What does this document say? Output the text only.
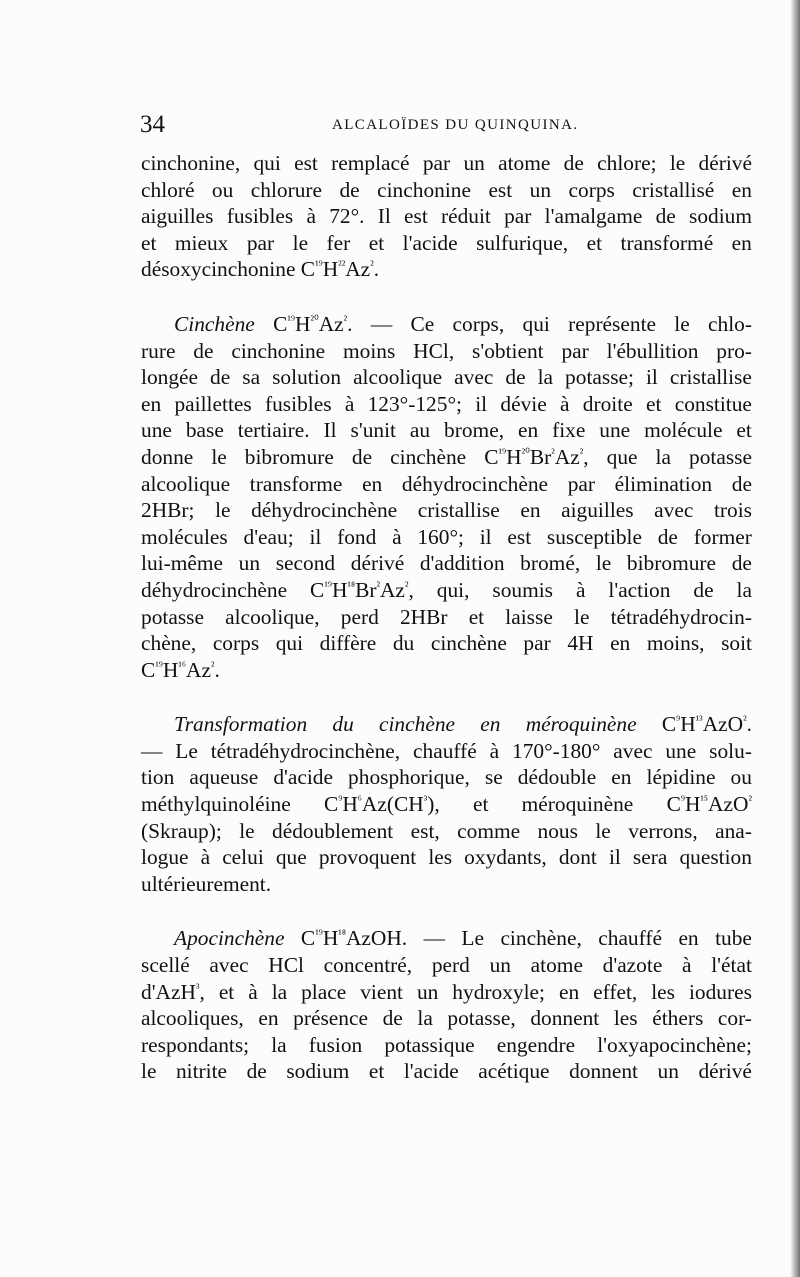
34	ALCALOÏDES DU QUINQUINA.
cinchonine, qui est remplacé par un atome de chlore; le dérivé
chloré ou chlorure de cinchonine est un corps cristallisé en
aiguilles fusibles à 72°. Il est réduit par l'amalgame de sodium
et mieux par le fer et l'acide sulfurique, et transformé en
désoxycinchonine $C^{^{19}}H^{^{22}}Az^{^2}$.
Cinchène $C^{^{19}}H^{^{20}}Az^{^2}$. — Ce corps, qui représente le chlo-
rure de cinchonine moins HCl, s'obtient par l'ébullition pro-
longée de sa solution alcoolique avec de la potasse; il cristallise
en paillettes fusibles à 123°-125°; il dévie à droite et constitue
une base tertiaire. Il s'unit au brome, en fixe une molécule et
donne le bibromure de cinchène $C^{^{19}}H^{^{20}}Br^{^2}Az^{^2}$, que la potasse
alcoolique transforme en déhydrocinchène par élimination de
2HBr; le déhydrocinchène cristallise en aiguilles avec trois
molécules d'eau; il fond à 160°; il est susceptible de former
lui-même un second dérivé d'addition bromé, le bibromure de
déhydrocinchène $C^{^{19}}H^{^{18}}Br^{^2}Az^{^2}$, qui, soumis à l'action de la
potasse alcoolique, perd 2HBr et laisse le tétradéhydrocin-
chène, corps qui diffère du cinchène par 4H en moins, soit
$C^{^{19}}H^{^{16}}Az^{^2}$.
Transformation du cinchène en méroquinène $C^{^9}H^{^{13}}AzO^{^2}$.
— Le tétradéhydrocinchène, chauffé à 170°-180° avec une solu-
tion aqueuse d'acide phosphorique, se dédouble en lépidine ou
méthylquinoléine $C^{^9}H^{^6}Az(CH^{^3})$, et méroquinène $C^{^9}H^{^{15}}AzO^{^2}$
(Skraup); le dédoublement est, comme nous le verrons, ana-
logue à celui que provoquent les oxydants, dont il sera question
ultérieurement.
Apocinchène $C^{^{19}}H^{^{18}}AzOH$. — Le cinchène, chauffé en tube
scellé avec HCl concentré, perd un atome d'azote à l'état
d'AzH$^{^3}$, et à la place vient un hydroxyle; en effet, les iodures
alcooliques, en présence de la potasse, donnent les éthers cor-
respondants; la fusion potassique engendre l'oxyapocinchène;
le nitrite de sodium et l'acide acétique donnent un dérivé
